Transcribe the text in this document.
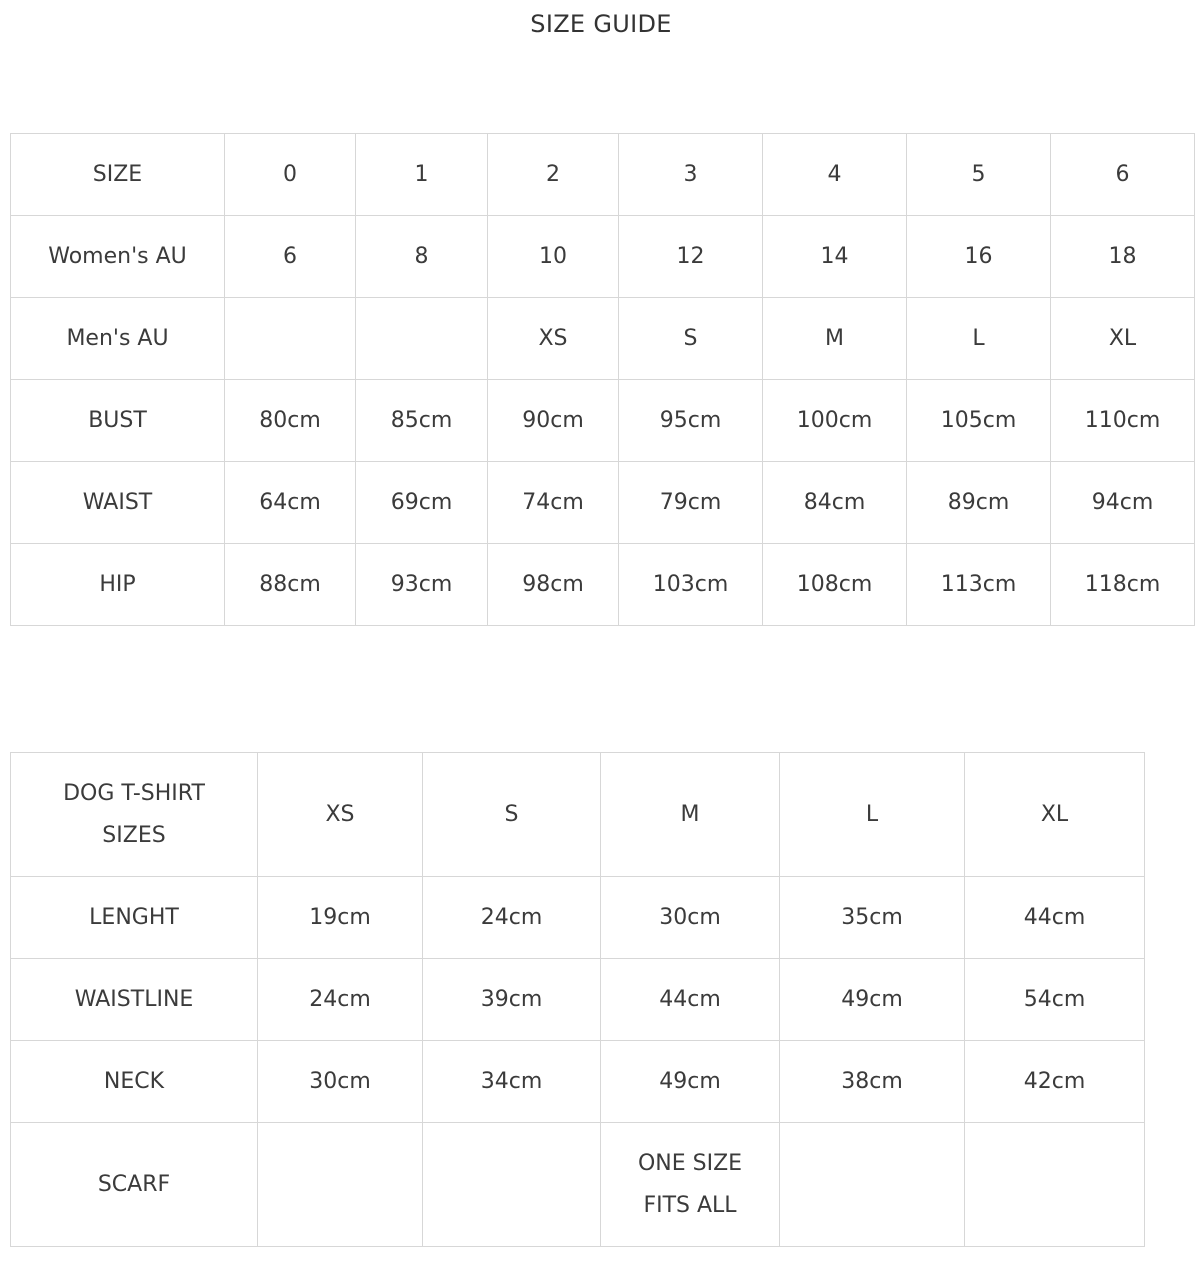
SIZE GUIDE
SIZE	0	1	2	3	4	5	6
Women's AU	6	8	10	12	14	16	18
Men's AU			XS	S	M	L	XL
BUST	80cm	85cm	90cm	95cm	100cm	105cm	110cm
WAIST	64cm	69cm	74cm	79cm	84cm	89cm	94cm
HIP	88cm	93cm	98cm	103cm	108cm	113cm	118cm
DOG T-SHIRT
SIZES	XS	S	M	L	XL
LENGHT	19cm	24cm	30cm	35cm	44cm
WAISTLINE	24cm	39cm	44cm	49cm	54cm
NECK	30cm	34cm	49cm	38cm	42cm
SCARF			ONE SIZE
FITS ALL		
